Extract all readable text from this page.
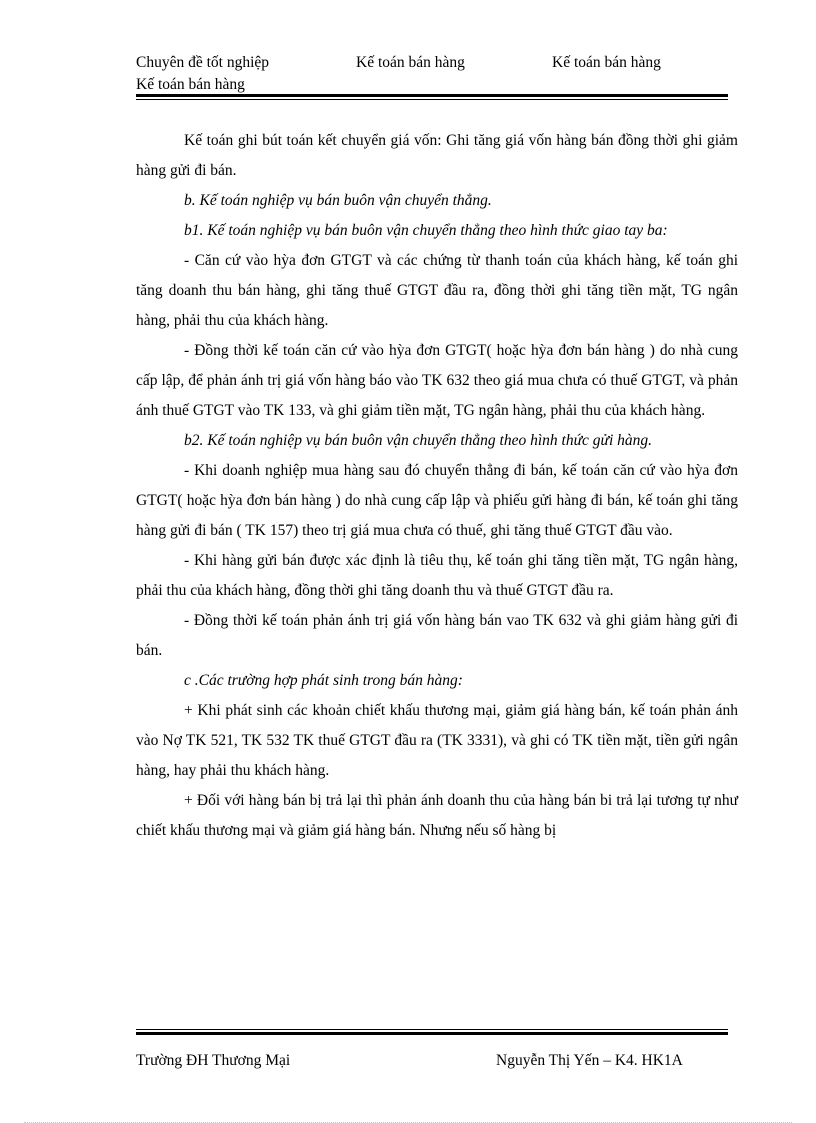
Chuyên đề tốt nghiệp	Kế toán bán hàng	Kế toán bán hàng
Kế toán bán hàng

Kế toán ghi bút toán kết chuyển giá vốn: Ghi tăng giá vốn hàng bán đồng thời ghi giảm hàng gửi đi bán.

b. Kế toán nghiệp vụ bán buôn vận chuyển thẳng.

b1. Kế toán nghiệp vụ bán buôn vận chuyển thẳng theo hình thức giao tay ba:

- Căn cứ vào hỳa đơn GTGT và các chứng từ thanh toán của khách hàng, kế toán ghi tăng doanh thu bán hàng, ghi tăng thuế GTGT đầu ra, đồng thời ghi tăng tiền mặt, TG ngân hàng, phải thu của khách hàng.

- Đồng thời kế toán căn cứ vào hỳa đơn GTGT( hoặc hỳa đơn bán hàng ) do nhà cung cấp lập, để phản ánh trị giá vốn hàng báo vào TK 632 theo giá mua chưa có thuế GTGT, và phản ánh thuế GTGT vào TK 133, và ghi giảm tiền mặt, TG ngân hàng, phải thu của khách hàng.

b2. Kế toán nghiệp vụ bán buôn vận chuyển thẳng theo hình thức gửi hàng.

- Khi doanh nghiệp mua hàng sau đó chuyển thẳng đi bán, kế toán căn cứ vào hỳa đơn GTGT( hoặc hỳa đơn bán hàng ) do nhà cung cấp lập và phiếu gửi hàng đi bán, kế toán ghi tăng hàng gửi đi bán ( TK 157) theo trị giá mua chưa có thuế, ghi tăng thuế GTGT đầu vào.

- Khi hàng gửi bán được xác định là tiêu thụ, kế toán ghi tăng tiền mặt, TG ngân hàng, phải thu của khách hàng, đồng thời ghi tăng doanh thu và thuế GTGT đầu ra.

- Đồng thời kế toán phản ánh trị giá vốn hàng bán vao TK 632 và ghi giảm hàng gửi đi bán.

c .Các trường hợp phát sinh trong bán hàng:

+ Khi phát sinh các khoản chiết khấu thương mại, giảm giá hàng bán, kế toán phản ánh vào Nợ TK 521, TK 532 TK thuế GTGT đầu ra (TK 3331), và ghi có TK tiền mặt, tiền gửi ngân hàng, hay phải thu khách hàng.

+ Đối với hàng bán bị trả lại thì phản ánh doanh thu của hàng bán bi trả lại tương tự như chiết khấu thương mại và giảm giá hàng bán. Nhưng nếu số hàng bị

Trường ĐH Thương Mại	Nguyễn Thị Yến – K4. HK1A
